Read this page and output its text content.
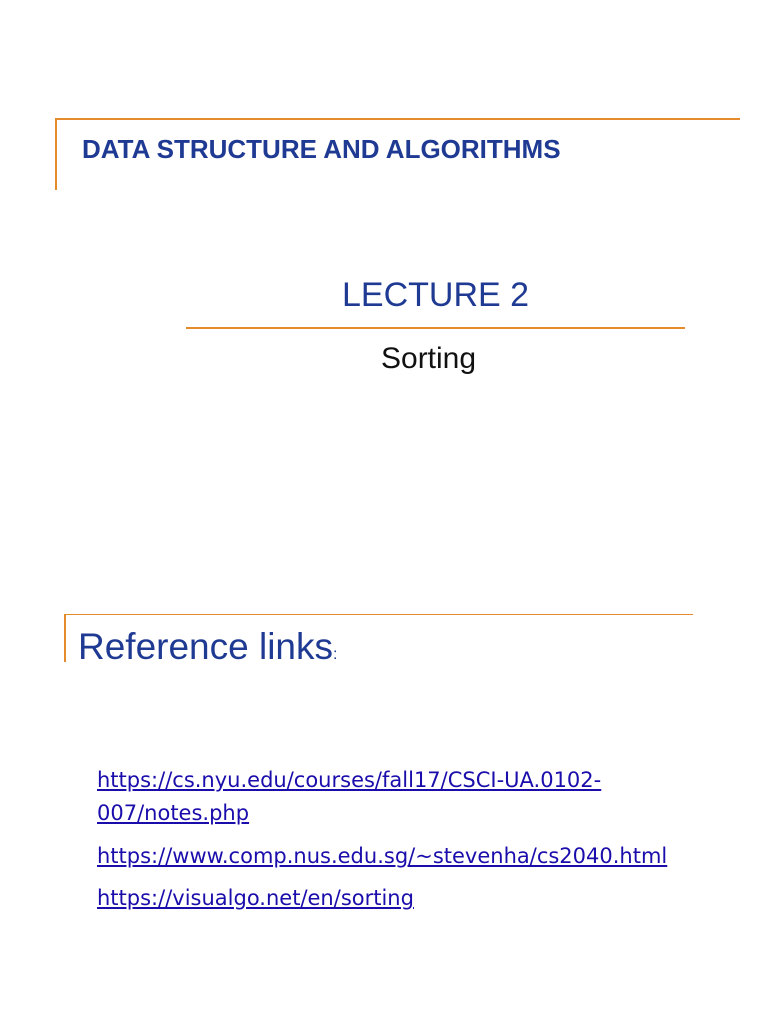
DATA STRUCTURE AND ALGORITHMS
LECTURE 2
Sorting
Reference links:
https://cs.nyu.edu/courses/fall17/CSCI-UA.0102-
007/notes.php
https://www.comp.nus.edu.sg/~stevenha/cs2040.html
https://visualgo.net/en/sorting
